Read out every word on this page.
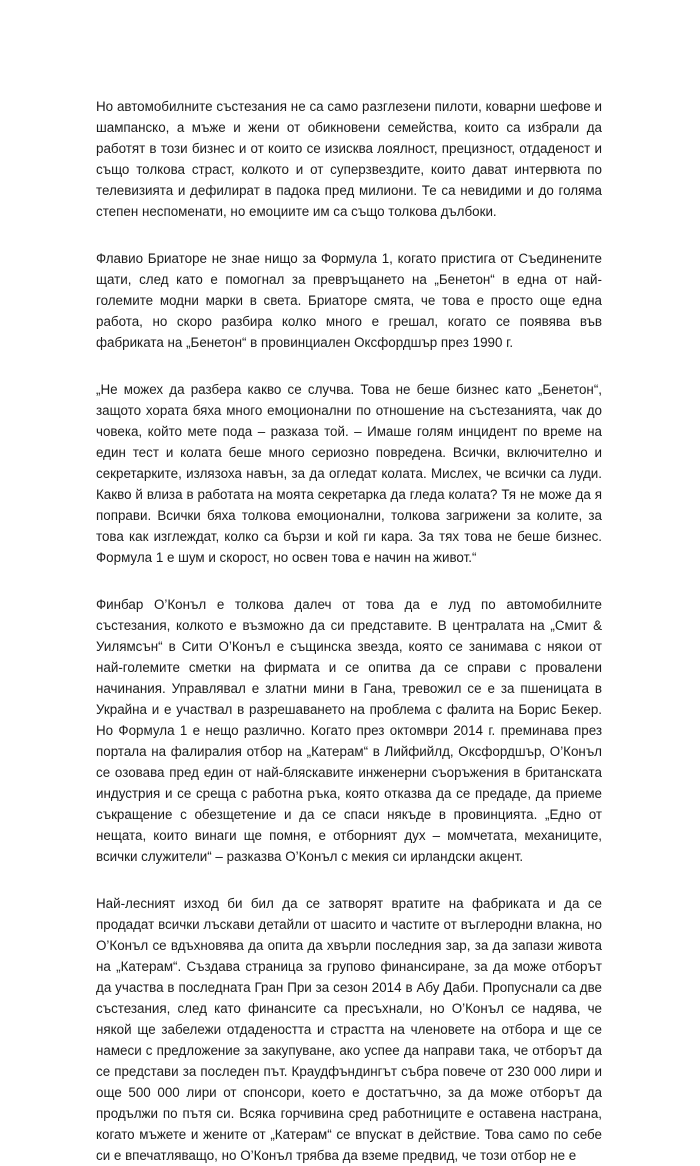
Но автомобилните състезания не са само разглезени пилоти, коварни шефове и шампанско, а мъже и жени от обикновени семейства, които са избрали да работят в този бизнес и от които се изисква лоялност, прецизност, отдаденост и също толкова страст, колкото и от суперзвездите, които дават интервюта по телевизията и дефилират в падока пред милиони. Те са невидими и до голяма степен неспоменати, но емоциите им са също толкова дълбоки.

Флавио Бриаторе не знае нищо за Формула 1, когато пристига от Съединените щати, след като е помогнал за превръщането на „Бенетон“ в една от най-големите модни марки в света. Бриаторе смята, че това е просто още една работа, но скоро разбира колко много е грешал, когато се появява във фабриката на „Бенетон“ в провинциален Оксфордшър през 1990 г.

„Не можех да разбера какво се случва. Това не беше бизнес като „Бенетон“, защото хората бяха много емоционални по отношение на състезанията, чак до човека, който мете пода – разказа той. – Имаше голям инцидент по време на един тест и колата беше много сериозно повредена. Всички, включително и секретарките, излязоха навън, за да огледат колата. Мислех, че всички са луди. Какво й влиза в работата на моята секретарка да гледа колата? Тя не може да я поправи. Всички бяха толкова емоционални, толкова загрижени за колите, за това как изглеждат, колко са бързи и кой ги кара. За тях това не беше бизнес. Формула 1 е шум и скорост, но освен това е начин на живот.“

Финбар О’Конъл е толкова далеч от това да е луд по автомобилните състезания, колкото е възможно да си представите. В централата на „Смит & Уилямсън“ в Сити О’Конъл е същинска звезда, която се занимава с някои от най-големите сметки на фирмата и се опитва да се справи с провалени начинания. Управлявал е златни мини в Гана, тревожил се е за пшеницата в Украйна и е участвал в разрешаването на проблема с фалита на Борис Бекер. Но Формула 1 е нещо различно. Когато през октомври 2014 г. преминава през портала на фалиралия отбор на „Катерам“ в Лийфийлд, Оксфордшър, О’Конъл се озовава пред един от най-бляскавите инженерни съоръжения в британската индустрия и се среща с работна ръка, която отказва да се предаде, да приеме съкращение с обезщетение и да се спаси някъде в провинцията. „Едно от нещата, които винаги ще помня, е отборният дух – момчетата, механиците, всички служители“ – разказва О’Конъл с мекия си ирландски акцент.

Най-лесният изход би бил да се затворят вратите на фабриката и да се продадат всички лъскави детайли от шасито и частите от въглеродни влакна, но О’Конъл се вдъхновява да опита да хвърли последния зар, за да запази живота на „Катерам“. Създава страница за групово финансиране, за да може отборът да участва в последната Гран При за сезон 2014 в Абу Даби. Пропуснали са две състезания, след като финансите са пресъхнали, но О’Конъл се надява, че някой ще забележи отдадеността и страстта на членовете на отбора и ще се намеси с предложение за закупуване, ако успее да направи така, че отборът да се представи за последен път. Краудфъндингът събра повече от 230 000 лири и още 500 000 лири от спонсори, което е достатъчно, за да може отборът да продължи по пътя си. Всяка горчивина сред работниците е оставена настрана, когато мъжете и жените от „Катерам“ се впускат в действие. Това само по себе си е впечатляващо, но О’Конъл трябва да вземе предвид, че този отбор не е
